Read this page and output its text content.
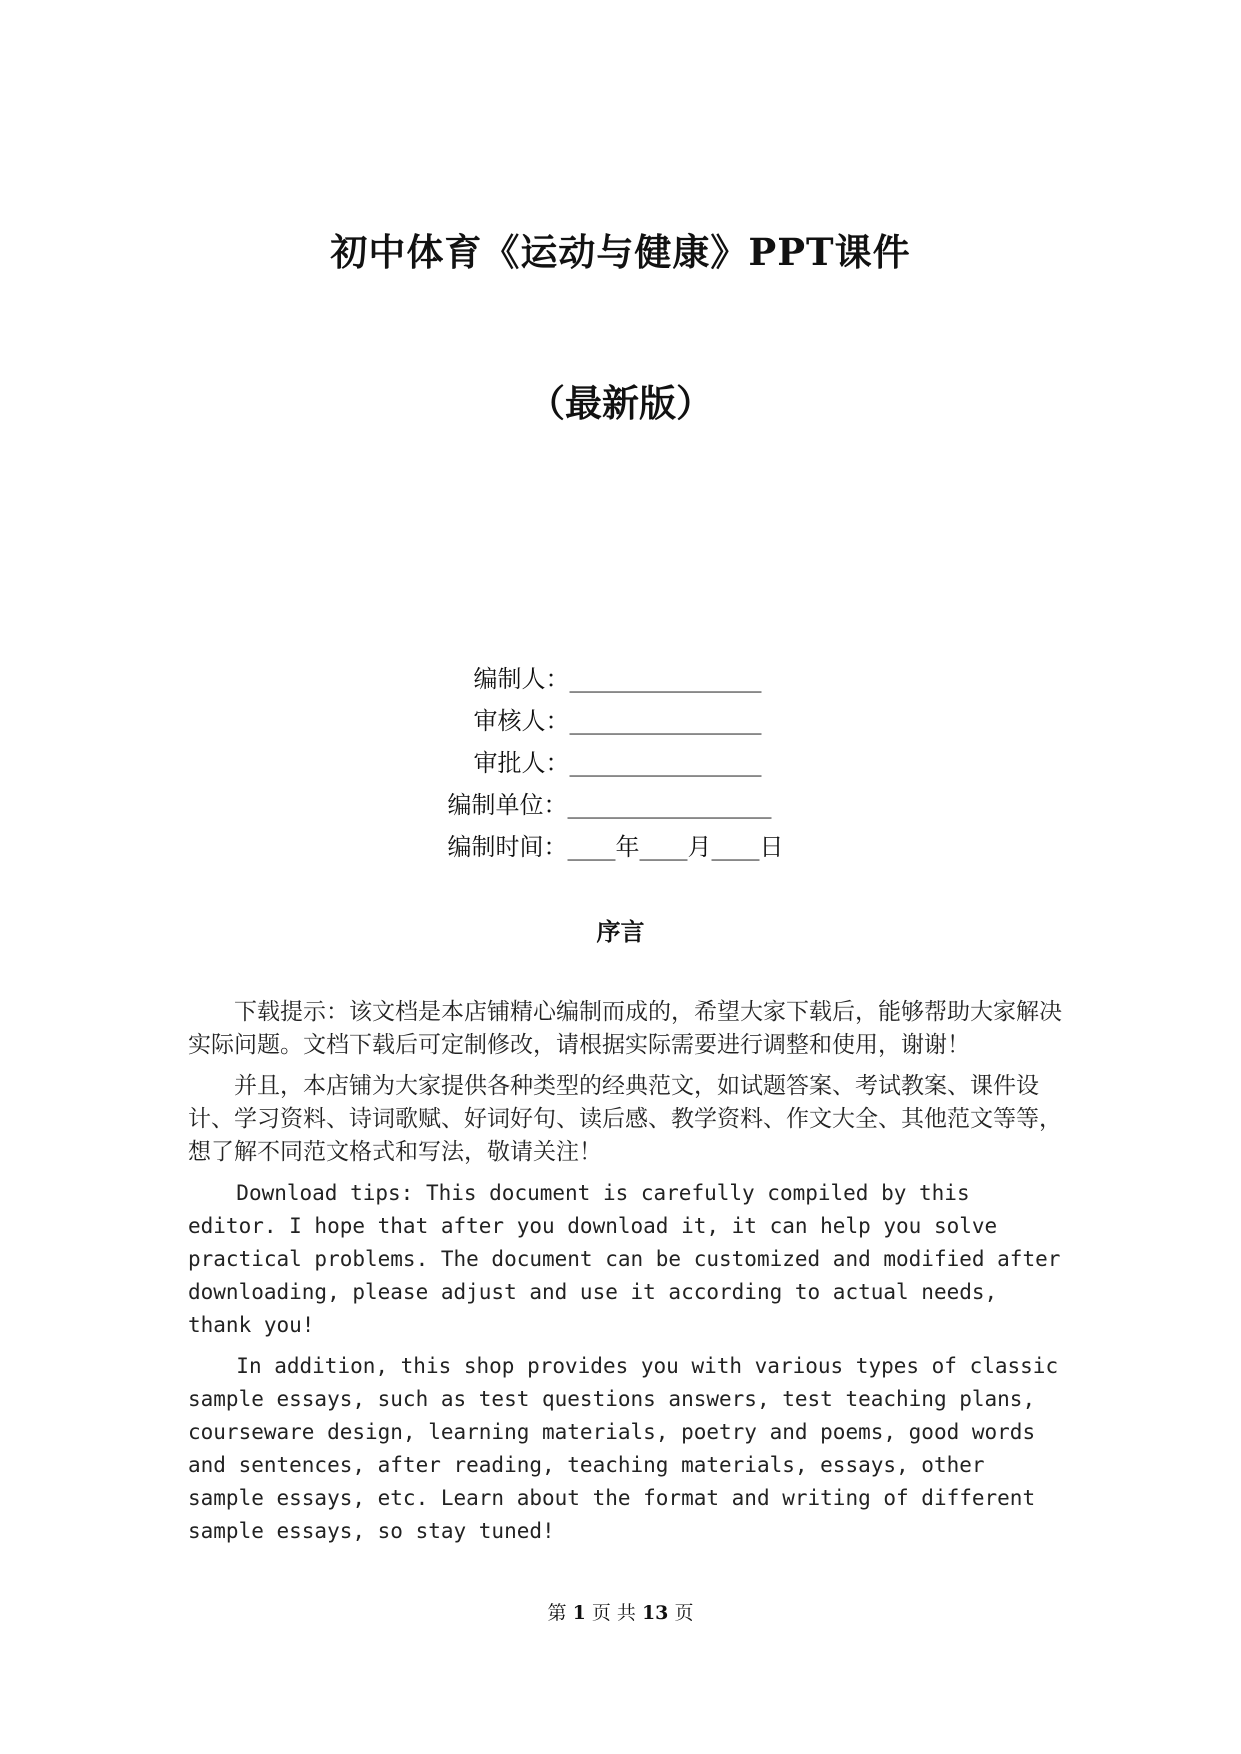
初中体育《运动与健康》PPT课件
（最新版）
编制人：________________
审核人：________________
审批人：________________
编制单位：_________________
编制时间：____年____月____日
序言

下载提示：该文档是本店铺精心编制而成的，希望大家下载后，能够帮助大家解决实际问题。文档下载后可定制修改，请根据实际需要进行调整和使用，谢谢！

并且，本店铺为大家提供各种类型的经典范文，如试题答案、考试教案、课件设计、学习资料、诗词歌赋、好词好句、读后感、教学资料、作文大全、其他范文等等，想了解不同范文格式和写法，敬请关注！

Download tips: This document is carefully compiled by this editor. I hope that after you download it, it can help you solve practical problems. The document can be customized and modified after downloading, please adjust and use it according to actual needs, thank you!

In addition, this shop provides you with various types of classic sample essays, such as test questions answers, test teaching plans, courseware design, learning materials, poetry and poems, good words and sentences, after reading, teaching materials, essays, other sample essays, etc. Learn about the format and writing of different sample essays, so stay tuned!

第 1 页 共 13 页
